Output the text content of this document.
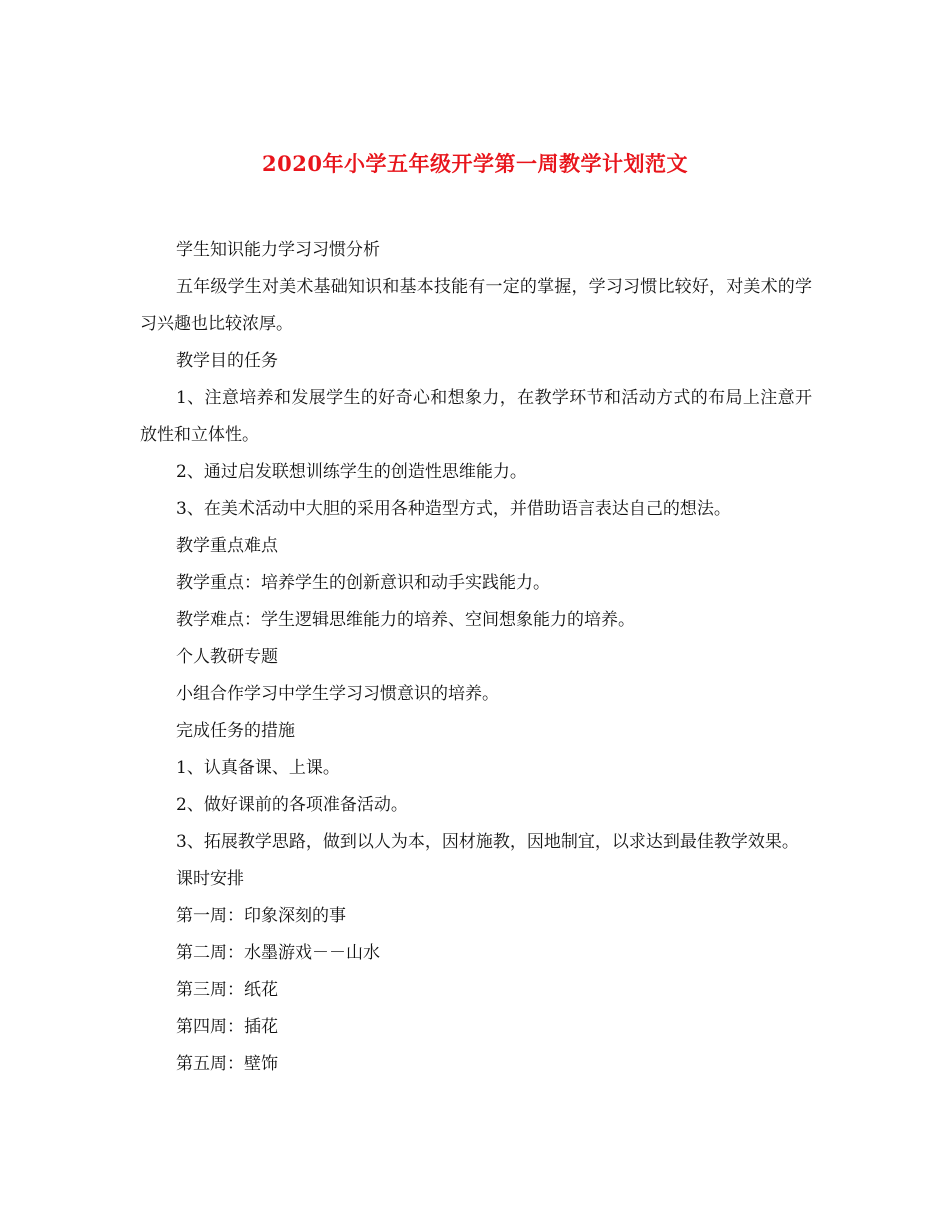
2020年小学五年级开学第一周教学计划范文

学生知识能力学习习惯分析

五年级学生对美术基础知识和基本技能有一定的掌握，学习习惯比较好，对美术的学习兴趣也比较浓厚。

教学目的任务

1、注意培养和发展学生的好奇心和想象力，在教学环节和活动方式的布局上注意开放性和立体性。

2、通过启发联想训练学生的创造性思维能力。

3、在美术活动中大胆的采用各种造型方式，并借助语言表达自己的想法。

教学重点难点

教学重点：培养学生的创新意识和动手实践能力。

教学难点：学生逻辑思维能力的培养、空间想象能力的培养。

个人教研专题

小组合作学习中学生学习习惯意识的培养。

完成任务的措施

1、认真备课、上课。

2、做好课前的各项准备活动。

3、拓展教学思路，做到以人为本，因材施教，因地制宜，以求达到最佳教学效果。

课时安排

第一周：印象深刻的事

第二周：水墨游戏－－山水

第三周：纸花

第四周：插花

第五周：壁饰
